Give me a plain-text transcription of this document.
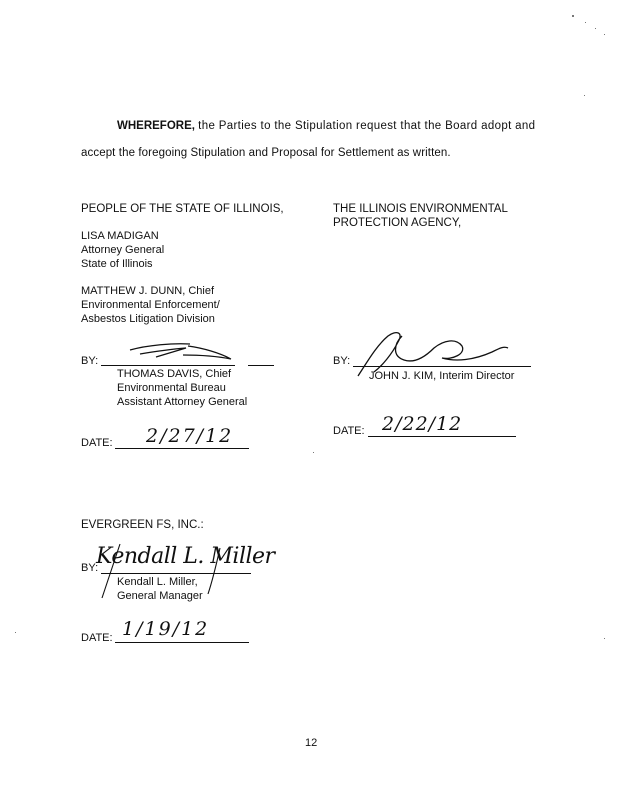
WHEREFORE, the Parties to the Stipulation request that the Board adopt and
accept the foregoing Stipulation and Proposal for Settlement as written.
PEOPLE OF THE STATE OF ILLINOIS,
LISA MADIGAN
Attorney General
State of Illinois
MATTHEW J. DUNN, Chief
Environmental Enforcement/
Asbestos Litigation Division
BY:
THOMAS DAVIS, Chief
Environmental Bureau
Assistant Attorney General
DATE: 2/27/12
THE ILLINOIS ENVIRONMENTAL
PROTECTION AGENCY,
BY:
JOHN J. KIM, Interim Director
DATE: 2/22/12
EVERGREEN FS, INC.:
BY:
Kendall L. Miller
Kendall L. Miller,
General Manager
DATE: 1/19/12
12
